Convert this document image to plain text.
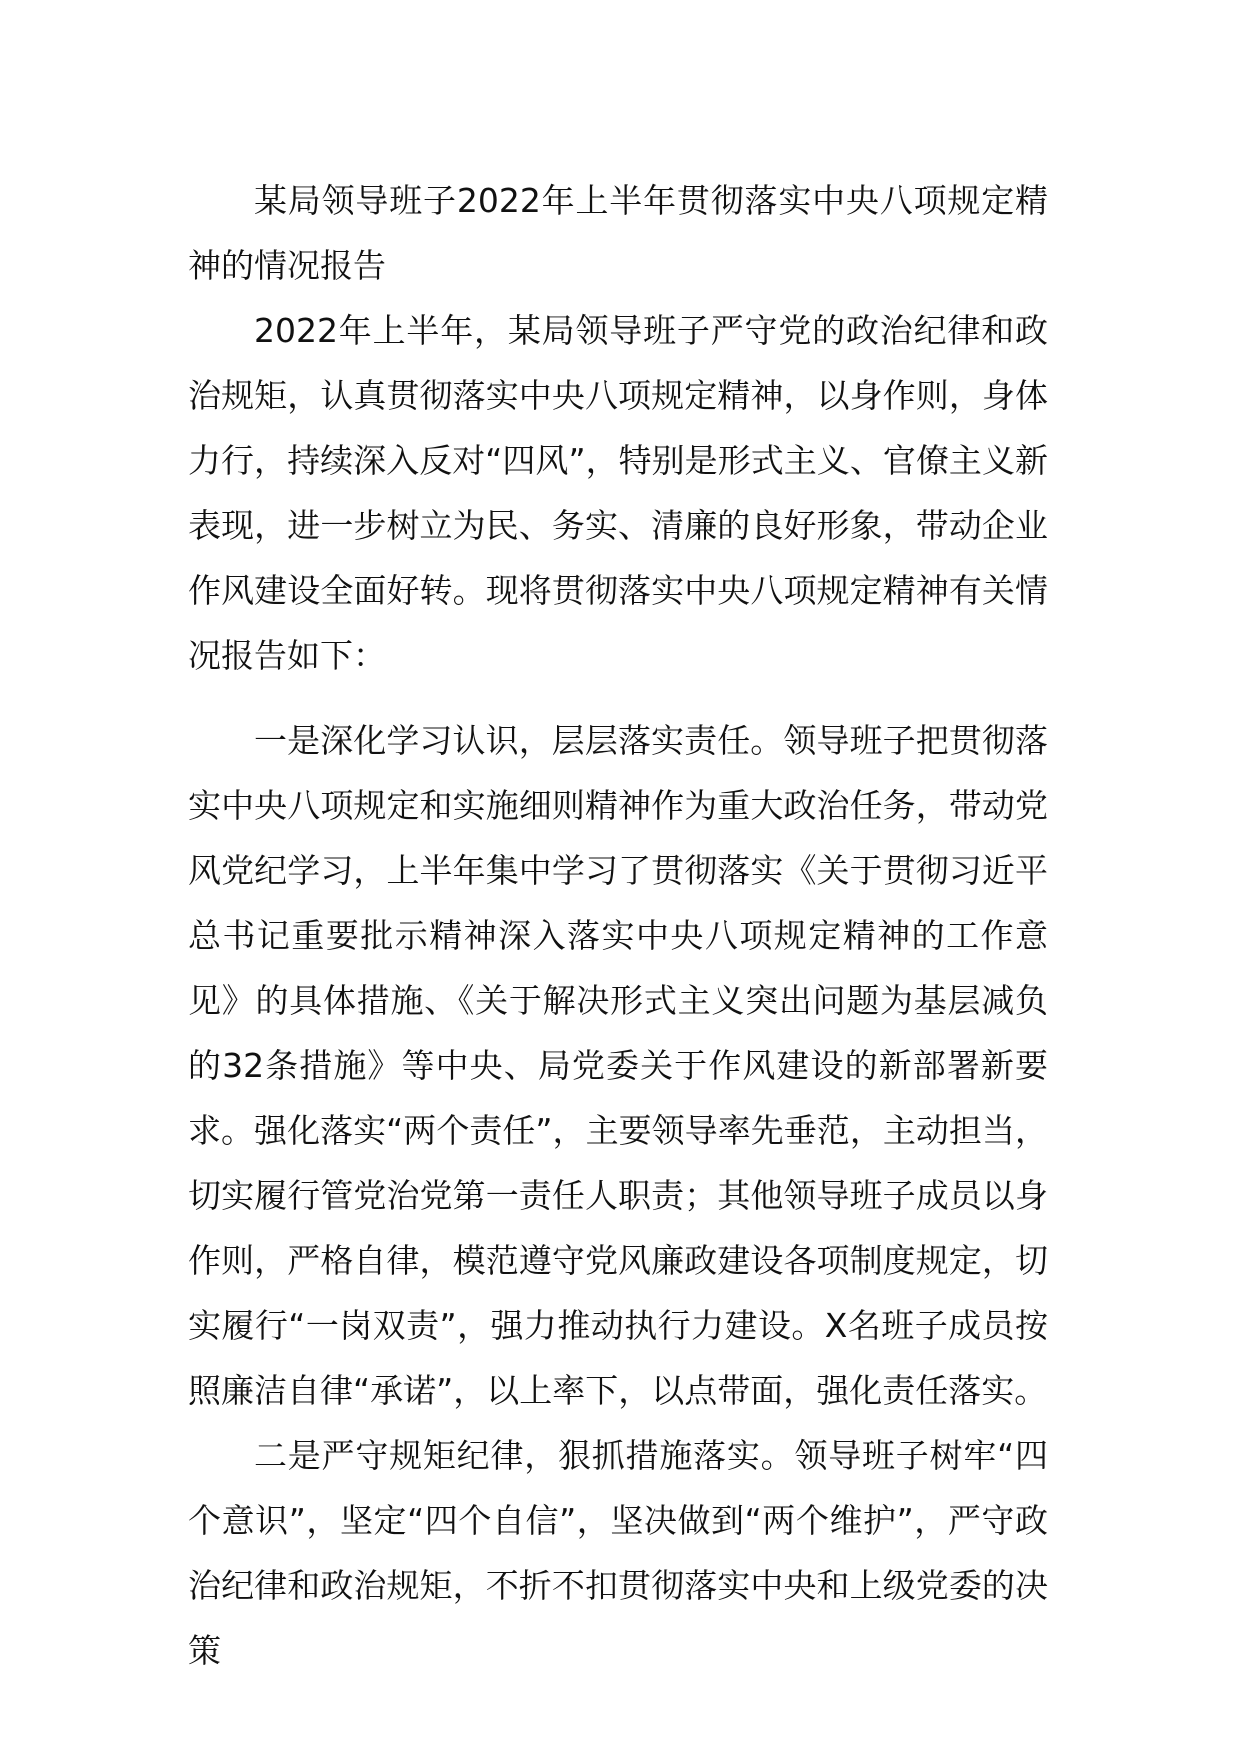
某局领导班子2022年上半年贯彻落实中央八项规定精神的情况报告

2022年上半年，某局领导班子严守党的政治纪律和政治规矩，认真贯彻落实中央八项规定精神，以身作则，身体力行，持续深入反对“四风”，特别是形式主义、官僚主义新表现，进一步树立为民、务实、清廉的良好形象，带动企业作风建设全面好转。现将贯彻落实中央八项规定精神有关情况报告如下：

一是深化学习认识，层层落实责任。领导班子把贯彻落实中央八项规定和实施细则精神作为重大政治任务，带动党风党纪学习，上半年集中学习了贯彻落实《关于贯彻习近平总书记重要批示精神深入落实中央八项规定精神的工作意见》的具体措施、《关于解决形式主义突出问题为基层减负的32条措施》等中央、局党委关于作风建设的新部署新要求。强化落实“两个责任”，主要领导率先垂范，主动担当，切实履行管党治党第一责任人职责；其他领导班子成员以身作则，严格自律，模范遵守党风廉政建设各项制度规定，切实履行“一岗双责”，强力推动执行力建设。X名班子成员按照廉洁自律“承诺”，以上率下，以点带面，强化责任落实。

二是严守规矩纪律，狠抓措施落实。领导班子树牢“四个意识”，坚定“四个自信”，坚决做到“两个维护”，严守政治纪律和政治规矩，不折不扣贯彻落实中央和上级党委的决策
